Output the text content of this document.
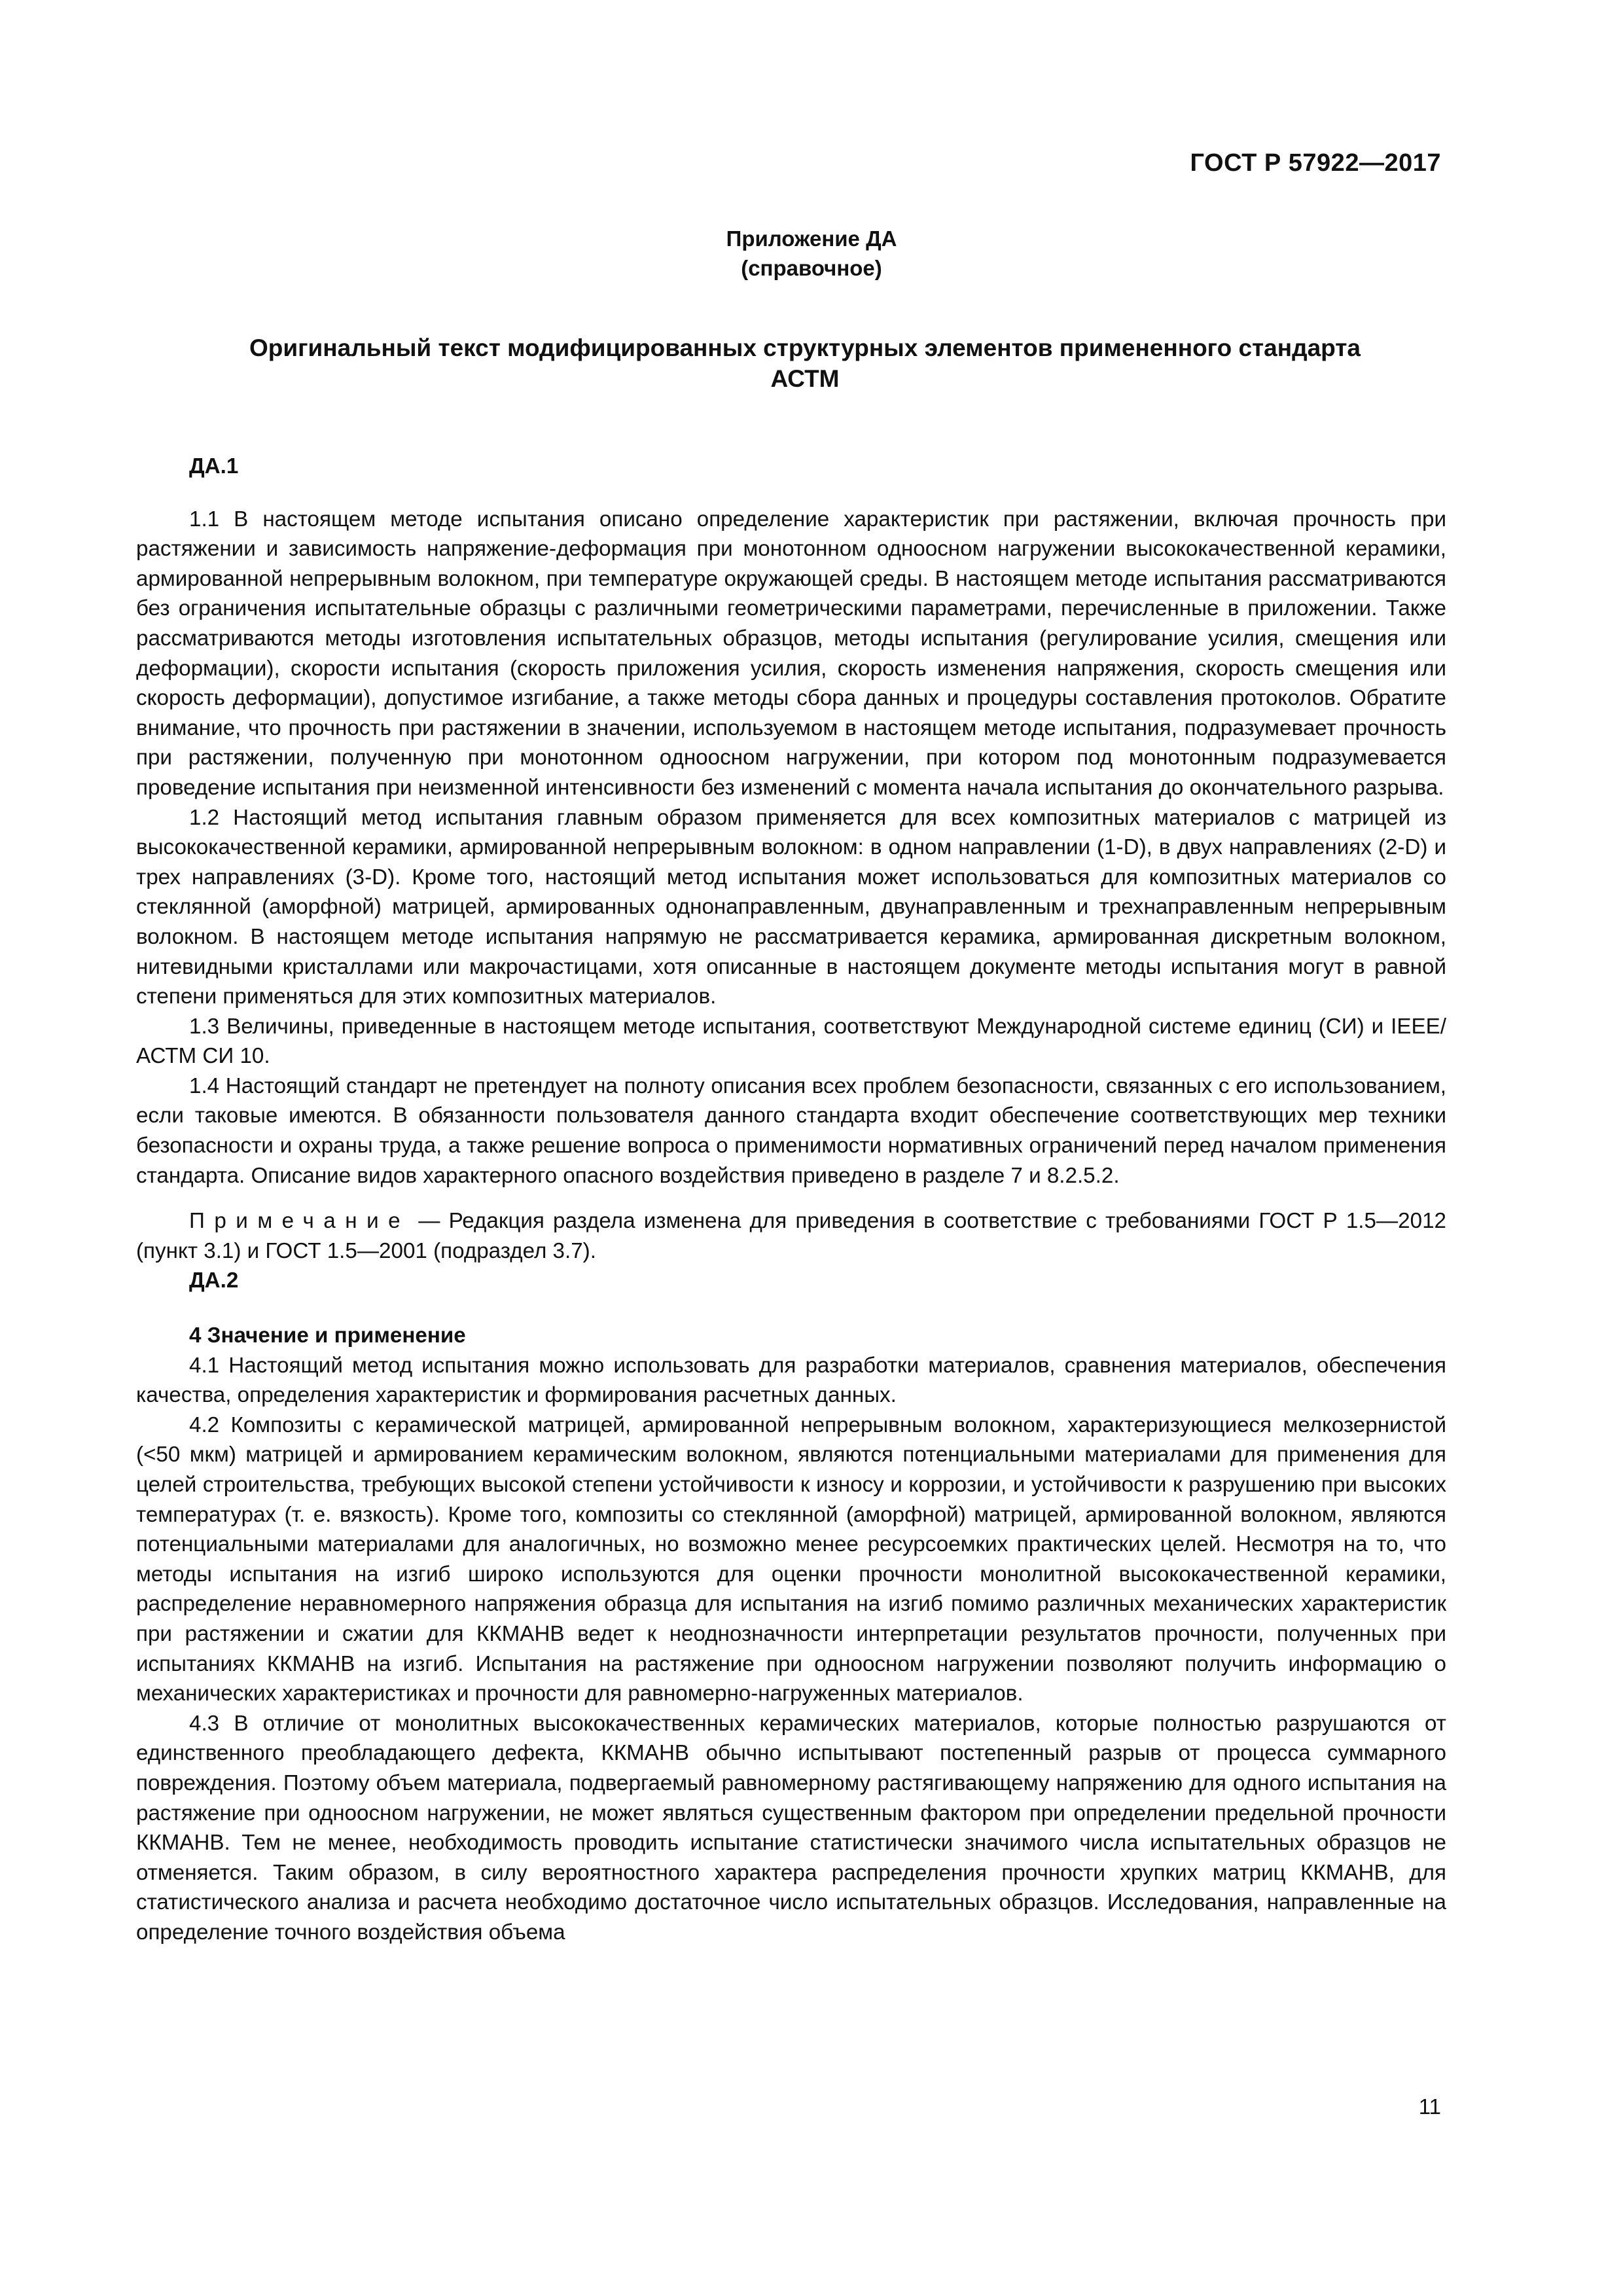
ГОСТ Р 57922—2017
Приложение ДА
(справочное)
Оригинальный текст модифицированных структурных элементов примененного стандарта
АСТМ

ДА.1

1.1 В настоящем методе испытания описано определение характеристик при растяжении, включая прочность при растяжении и зависимость напряжение-деформация при монотонном одноосном нагружении высококачественной керамики, армированной непрерывным волокном, при температуре окружающей среды. В настоящем методе испытания рассматриваются без ограничения испытательные образцы с различными геометрическими параметрами, перечисленные в приложении. Также рассматриваются методы изготовления испытательных образцов, методы испытания (регулирование усилия, смещения или деформации), скорости испытания (скорость приложения усилия, скорость изменения напряжения, скорость смещения или скорость деформации), допустимое изгибание, а также методы сбора данных и процедуры составления протоколов. Обратите внимание, что прочность при растяжении в значении, используемом в настоящем методе испытания, подразумевает прочность при растяжении, полученную при монотонном одноосном нагружении, при котором под монотонным подразумевается проведение испытания при неизменной интенсивности без изменений с момента начала испытания до окончательного разрыва.

1.2 Настоящий метод испытания главным образом применяется для всех композитных материалов с матрицей из высококачественной керамики, армированной непрерывным волокном: в одном направлении (1-D), в двух направлениях (2-D) и трех направлениях (3-D). Кроме того, настоящий метод испытания может использоваться для композитных материалов со стеклянной (аморфной) матрицей, армированных однонаправленным, двунаправленным и трехнаправленным непрерывным волокном. В настоящем методе испытания напрямую не рассматривается керамика, армированная дискретным волокном, нитевидными кристаллами или макрочастицами, хотя описанные в настоящем документе методы испытания могут в равной степени применяться для этих композитных материалов.

1.3 Величины, приведенные в настоящем методе испытания, соответствуют Международной системе единиц (СИ) и IEEE/АСТМ СИ 10.

1.4 Настоящий стандарт не претендует на полноту описания всех проблем безопасности, связанных с его использованием, если таковые имеются. В обязанности пользователя данного стандарта входит обеспечение соответствующих мер техники безопасности и охраны труда, а также решение вопроса о применимости нормативных ограничений перед началом применения стандарта. Описание видов характерного опасного воздействия приведено в разделе 7 и 8.2.5.2.

Примечание — Редакция раздела изменена для приведения в соответствие с требованиями ГОСТ Р 1.5—2012 (пункт 3.1) и ГОСТ 1.5—2001 (подраздел 3.7).

ДА.2

4 Значение и применение

4.1 Настоящий метод испытания можно использовать для разработки материалов, сравнения материалов, обеспечения качества, определения характеристик и формирования расчетных данных.

4.2 Композиты с керамической матрицей, армированной непрерывным волокном, характеризующиеся мелкозернистой (<50 мкм) матрицей и армированием керамическим волокном, являются потенциальными материалами для применения для целей строительства, требующих высокой степени устойчивости к износу и коррозии, и устойчивости к разрушению при высоких температурах (т. е. вязкость). Кроме того, композиты со стеклянной (аморфной) матрицей, армированной волокном, являются потенциальными материалами для аналогичных, но возможно менее ресурсоемких практических целей. Несмотря на то, что методы испытания на изгиб широко используются для оценки прочности монолитной высококачественной керамики, распределение неравномерного напряжения образца для испытания на изгиб помимо различных механических характеристик при растяжении и сжатии для ККМАНВ ведет к неоднозначности интерпретации результатов прочности, полученных при испытаниях ККМАНВ на изгиб. Испытания на растяжение при одноосном нагружении позволяют получить информацию о механических характеристиках и прочности для равномерно-нагруженных материалов.

4.3 В отличие от монолитных высококачественных керамических материалов, которые полностью разрушаются от единственного преобладающего дефекта, ККМАНВ обычно испытывают постепенный разрыв от процесса суммарного повреждения. Поэтому объем материала, подвергаемый равномерному растягивающему напряжению для одного испытания на растяжение при одноосном нагружении, не может являться существенным фактором при определении предельной прочности ККМАНВ. Тем не менее, необходимость проводить испытание статистически значимого числа испытательных образцов не отменяется. Таким образом, в силу вероятностного характера распределения прочности хрупких матриц ККМАНВ, для статистического анализа и расчета необходимо достаточное число испытательных образцов. Исследования, направленные на определение точного воздействия объема

11
